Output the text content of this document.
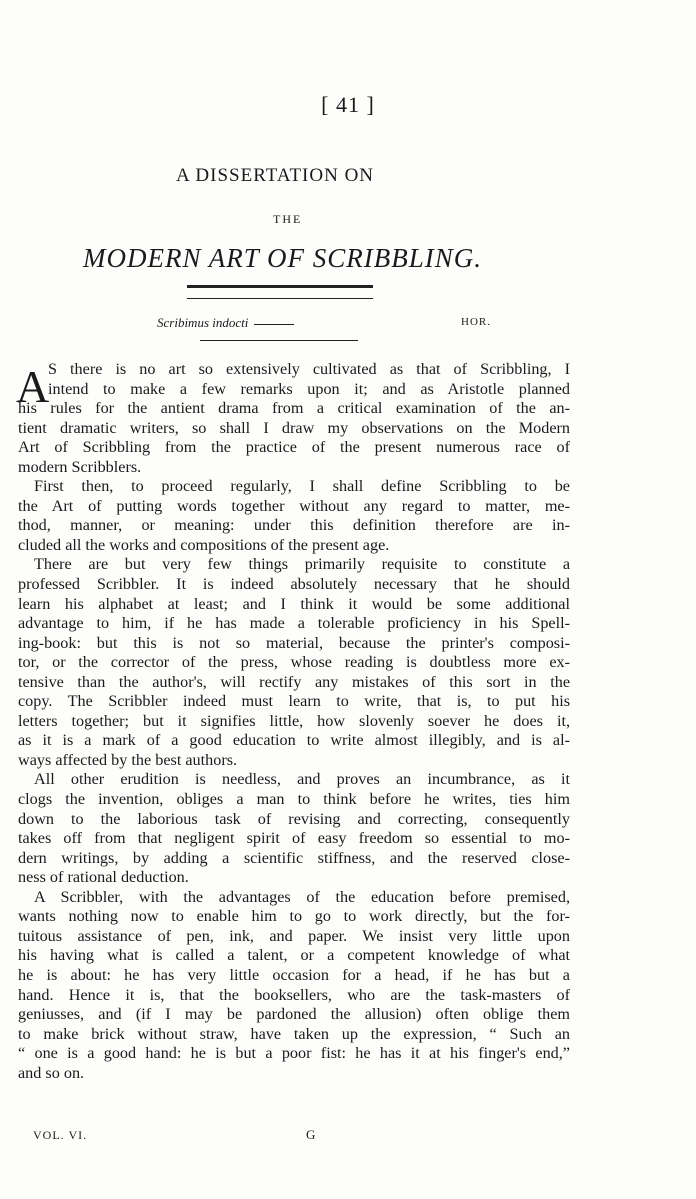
[ 41 ]
A DISSERTATION ON
THE
MODERN ART OF SCRIBBLING.
Scribimus indocti	HOR.
A
S there is no art so extensively cultivated as that of Scribbling, I
intend to make a few remarks upon it; and as Aristotle planned
his rules for the antient drama from a critical examination of the an-
tient dramatic writers, so shall I draw my observations on the Modern
Art of Scribbling from the practice of the present numerous race of
modern Scribblers.
First then, to proceed regularly, I shall define Scribbling to be
the Art of putting words together without any regard to matter, me-
thod, manner, or meaning: under this definition therefore are in-
cluded all the works and compositions of the present age.
There are but very few things primarily requisite to constitute a
professed Scribbler. It is indeed absolutely necessary that he should
learn his alphabet at least; and I think it would be some additional
advantage to him, if he has made a tolerable proficiency in his Spell-
ing-book: but this is not so material, because the printer's composi-
tor, or the corrector of the press, whose reading is doubtless more ex-
tensive than the author's, will rectify any mistakes of this sort in the
copy. The Scribbler indeed must learn to write, that is, to put his
letters together; but it signifies little, how slovenly soever he does it,
as it is a mark of a good education to write almost illegibly, and is al-
ways affected by the best authors.
All other erudition is needless, and proves an incumbrance, as it
clogs the invention, obliges a man to think before he writes, ties him
down to the laborious task of revising and correcting, consequently
takes off from that negligent spirit of easy freedom so essential to mo-
dern writings, by adding a scientific stiffness, and the reserved close-
ness of rational deduction.
A Scribbler, with the advantages of the education before premised,
wants nothing now to enable him to go to work directly, but the for-
tuitous assistance of pen, ink, and paper. We insist very little upon
his having what is called a talent, or a competent knowledge of what
he is about: he has very little occasion for a head, if he has but a
hand. Hence it is, that the booksellers, who are the task-masters of
geniusses, and (if I may be pardoned the allusion) often oblige them
to make brick without straw, have taken up the expression, “ Such an
“ one is a good hand: he is but a poor fist: he has it at his finger's end,”
and so on.
VOL. VI.	G
